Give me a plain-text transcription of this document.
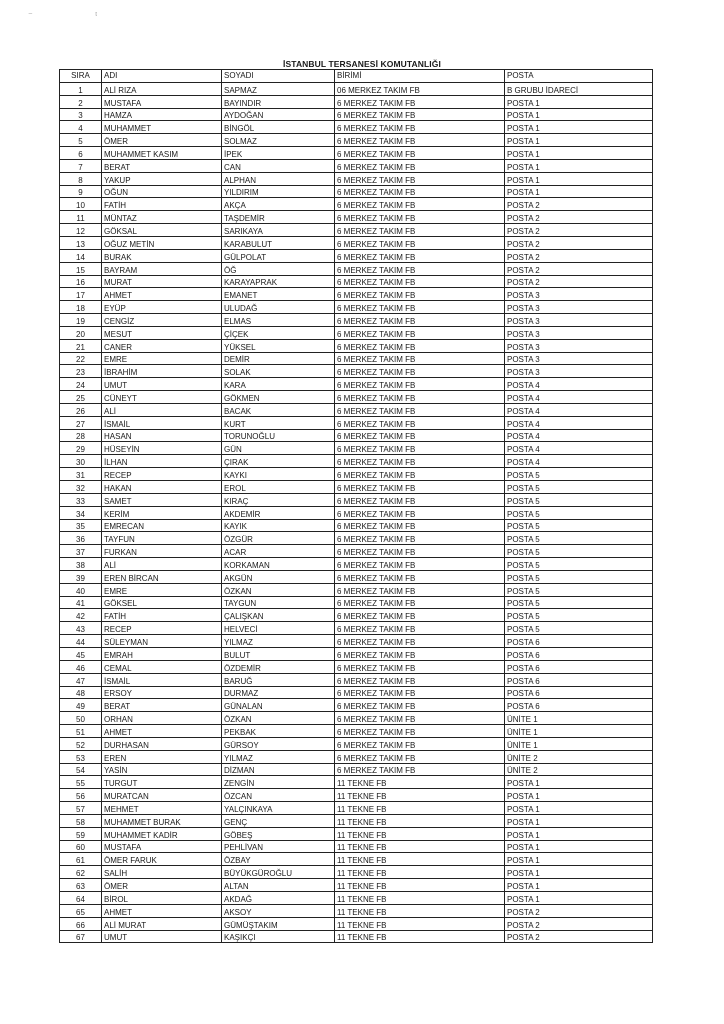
⁻ ᵗ
İSTANBUL TERSANESİ KOMUTANLIĞI
SIRA	ADI	SOYADI	BİRİMİ	POSTA
1	ALİ RIZA	SAPMAZ	06 MERKEZ TAKIM FB	B GRUBU İDARECİ
2	MUSTAFA	BAYINDIR	6 MERKEZ TAKIM FB	POSTA 1
3	HAMZA	AYDOĞAN	6 MERKEZ TAKIM FB	POSTA 1
4	MUHAMMET	BİNGÖL	6 MERKEZ TAKIM FB	POSTA 1
5	ÖMER	SOLMAZ	6 MERKEZ TAKIM FB	POSTA 1
6	MUHAMMET KASIM	İPEK	6 MERKEZ TAKIM FB	POSTA 1
7	BERAT	CAN	6 MERKEZ TAKIM FB	POSTA 1
8	YAKUP	ALPHAN	6 MERKEZ TAKIM FB	POSTA 1
9	OĞUN	YILDIRIM	6 MERKEZ TAKIM FB	POSTA 1
10	FATİH	AKÇA	6 MERKEZ TAKIM FB	POSTA 2
11	MÜNTAZ	TAŞDEMİR	6 MERKEZ TAKIM FB	POSTA 2
12	GÖKSAL	SARIKAYA	6 MERKEZ TAKIM FB	POSTA 2
13	OĞUZ METİN	KARABULUT	6 MERKEZ TAKIM FB	POSTA 2
14	BURAK	GÜLPOLAT	6 MERKEZ TAKIM FB	POSTA 2
15	BAYRAM	ÖĞ	6 MERKEZ TAKIM FB	POSTA 2
16	MURAT	KARAYAPRAK	6 MERKEZ TAKIM FB	POSTA 2
17	AHMET	EMANET	6 MERKEZ TAKIM FB	POSTA 3
18	EYÜP	ULUDAĞ	6 MERKEZ TAKIM FB	POSTA 3
19	CENGİZ	ELMAS	6 MERKEZ TAKIM FB	POSTA 3
20	MESUT	ÇİÇEK	6 MERKEZ TAKIM FB	POSTA 3
21	CANER	YÜKSEL	6 MERKEZ TAKIM FB	POSTA 3
22	EMRE	DEMİR	6 MERKEZ TAKIM FB	POSTA 3
23	İBRAHİM	SOLAK	6 MERKEZ TAKIM FB	POSTA 3
24	UMUT	KARA	6 MERKEZ TAKIM FB	POSTA 4
25	CÜNEYT	GÖKMEN	6 MERKEZ TAKIM FB	POSTA 4
26	ALİ	BACAK	6 MERKEZ TAKIM FB	POSTA 4
27	İSMAİL	KURT	6 MERKEZ TAKIM FB	POSTA 4
28	HASAN	TORUNOĞLU	6 MERKEZ TAKIM FB	POSTA 4
29	HÜSEYİN	GÜN	6 MERKEZ TAKIM FB	POSTA 4
30	İLHAN	ÇIRAK	6 MERKEZ TAKIM FB	POSTA 4
31	RECEP	KAYKI	6 MERKEZ TAKIM FB	POSTA 5
32	HAKAN	EROL	6 MERKEZ TAKIM FB	POSTA 5
33	SAMET	KIRAÇ	6 MERKEZ TAKIM FB	POSTA 5
34	KERİM	AKDEMİR	6 MERKEZ TAKIM FB	POSTA 5
35	EMRECAN	KAYIK	6 MERKEZ TAKIM FB	POSTA 5
36	TAYFUN	ÖZGÜR	6 MERKEZ TAKIM FB	POSTA 5
37	FURKAN	ACAR	6 MERKEZ TAKIM FB	POSTA 5
38	ALİ	KORKAMAN	6 MERKEZ TAKIM FB	POSTA 5
39	EREN BİRCAN	AKGÜN	6 MERKEZ TAKIM FB	POSTA 5
40	EMRE	ÖZKAN	6 MERKEZ TAKIM FB	POSTA 5
41	GÖKSEL	TAYGUN	6 MERKEZ TAKIM FB	POSTA 5
42	FATİH	ÇALIŞKAN	6 MERKEZ TAKIM FB	POSTA 5
43	RECEP	HELVECİ	6 MERKEZ TAKIM FB	POSTA 5
44	SÜLEYMAN	YILMAZ	6 MERKEZ TAKIM FB	POSTA 6
45	EMRAH	BULUT	6 MERKEZ TAKIM FB	POSTA 6
46	CEMAL	ÖZDEMİR	6 MERKEZ TAKIM FB	POSTA 6
47	İSMAİL	BARUĞ	6 MERKEZ TAKIM FB	POSTA 6
48	ERSOY	DURMAZ	6 MERKEZ TAKIM FB	POSTA 6
49	BERAT	GÜNALAN	6 MERKEZ TAKIM FB	POSTA 6
50	ORHAN	ÖZKAN	6 MERKEZ TAKIM FB	ÜNİTE 1
51	AHMET	PEKBAK	6 MERKEZ TAKIM FB	ÜNİTE 1
52	DURHASAN	GÜRSOY	6 MERKEZ TAKIM FB	ÜNİTE 1
53	EREN	YILMAZ	6 MERKEZ TAKIM FB	ÜNİTE 2
54	YASİN	DİZMAN	6 MERKEZ TAKIM FB	ÜNİTE 2
55	TURGUT	ZENGİN	11 TEKNE FB	POSTA 1
56	MURATCAN	ÖZCAN	11 TEKNE FB	POSTA 1
57	MEHMET	YALÇINKAYA	11 TEKNE FB	POSTA 1
58	MUHAMMET BURAK	GENÇ	11 TEKNE FB	POSTA 1
59	MUHAMMET KADİR	GÖBEŞ	11 TEKNE FB	POSTA 1
60	MUSTAFA	PEHLİVAN	11 TEKNE FB	POSTA 1
61	ÖMER FARUK	ÖZBAY	11 TEKNE FB	POSTA 1
62	SALİH	BÜYÜKGÜROĞLU	11 TEKNE FB	POSTA 1
63	ÖMER	ALTAN	11 TEKNE FB	POSTA 1
64	BİROL	AKDAĞ	11 TEKNE FB	POSTA 1
65	AHMET	AKSOY	11 TEKNE FB	POSTA 2
66	ALİ MURAT	GÜMÜŞTAKIM	11 TEKNE FB	POSTA 2
67	UMUT	KAŞIKÇI	11 TEKNE FB	POSTA 2
